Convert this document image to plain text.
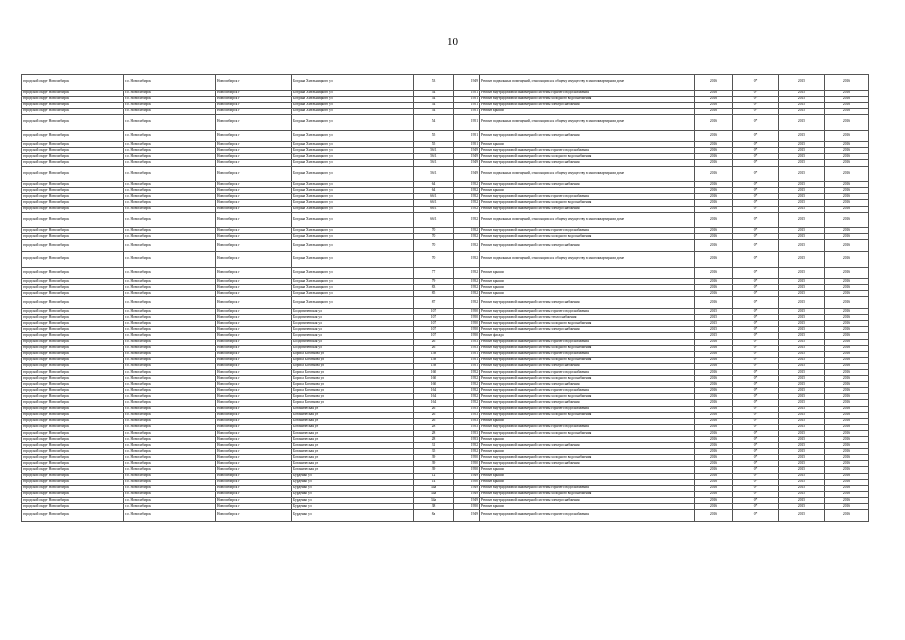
10
городской округ Новосибирск	г.о. Новосибирск	Новосибирск г	Богдана Хмельницкого ул	53	1949	Ремонт подвальных помещений, относящихся к общему имуществу в многоквартирном доме	2016	0*	2015	2016
городской округ Новосибирск	г.о. Новосибирск	Новосибирск г	Богдана Хмельницкого ул	54	1951	Ремонт внутридомовой инженерной системы горячего водоснабжения	2016	0*	2015	2016
городской округ Новосибирск	г.о. Новосибирск	Новосибирск г	Богдана Хмельницкого ул	54	1951	Ремонт внутридомовой инженерной системы холодного водоснабжения	2016	0*	2015	2016
городской округ Новосибирск	г.о. Новосибирск	Новосибирск г	Богдана Хмельницкого ул	54	1951	Ремонт внутридомовой инженерной системы электроснабжения	2016	0*	2015	2016
городской округ Новосибирск	г.о. Новосибирск	Новосибирск г	Богдана Хмельницкого ул	54	1951	Ремонт крыши	2016	0*	2015	2016
городской округ Новосибирск	г.о. Новосибирск	Новосибирск г	Богдана Хмельницкого ул	54	1951	Ремонт подвальных помещений, относящихся к общему имуществу в многоквартирном доме	2016	0*	2015	2016
городской округ Новосибирск	г.о. Новосибирск	Новосибирск г	Богдана Хмельницкого ул	55	1951	Ремонт внутридомовой инженерной системы электроснабжения	2016	0*	2015	2016
городской округ Новосибирск	г.о. Новосибирск	Новосибирск г	Богдана Хмельницкого ул	55	1951	Ремонт крыши	2016	0*	2015	2016
городской округ Новосибирск	г.о. Новосибирск	Новосибирск г	Богдана Хмельницкого ул	56/1	1949	Ремонт внутридомовой инженерной системы горячего водоснабжения	2016	0*	2015	2016
городской округ Новосибирск	г.о. Новосибирск	Новосибирск г	Богдана Хмельницкого ул	56/1	1949	Ремонт внутридомовой инженерной системы холодного водоснабжения	2016	0*	2015	2016
городской округ Новосибирск	г.о. Новосибирск	Новосибирск г	Богдана Хмельницкого ул	56/1	1949	Ремонт внутридомовой инженерной системы электроснабжения	2016	0*	2015	2016
городской округ Новосибирск	г.о. Новосибирск	Новосибирск г	Богдана Хмельницкого ул	56/1	1949	Ремонт подвальных помещений, относящихся к общему имуществу в многоквартирном доме	2016	0*	2015	2016
городской округ Новосибирск	г.о. Новосибирск	Новосибирск г	Богдана Хмельницкого ул	64	1952	Ремонт внутридомовой инженерной системы электроснабжения	2016	0*	2015	2016
городской округ Новосибирск	г.о. Новосибирск	Новосибирск г	Богдана Хмельницкого ул	64	1952	Ремонт крыши	2016	0*	2015	2016
городской округ Новосибирск	г.о. Новосибирск	Новосибирск г	Богдана Хмельницкого ул	66/1	1952	Ремонт внутридомовой инженерной системы горячего водоснабжения	2016	0*	2015	2016
городской округ Новосибирск	г.о. Новосибирск	Новосибирск г	Богдана Хмельницкого ул	66/1	1952	Ремонт внутридомовой инженерной системы холодного водоснабжения	2016	0*	2015	2016
городской округ Новосибирск	г.о. Новосибирск	Новосибирск г	Богдана Хмельницкого ул	66/1	1952	Ремонт внутридомовой инженерной системы электроснабжения	2016	0*	2015	2016
городской округ Новосибирск	г.о. Новосибирск	Новосибирск г	Богдана Хмельницкого ул	66/1	1952	Ремонт подвальных помещений, относящихся к общему имуществу в многоквартирном доме	2016	0*	2015	2016
городской округ Новосибирск	г.о. Новосибирск	Новосибирск г	Богдана Хмельницкого ул	70	1952	Ремонт внутридомовой инженерной системы горячего водоснабжения	2016	0*	2015	2016
городской округ Новосибирск	г.о. Новосибирск	Новосибирск г	Богдана Хмельницкого ул	70	1952	Ремонт внутридомовой инженерной системы холодного водоснабжения	2016	0*	2015	2016
городской округ Новосибирск	г.о. Новосибирск	Новосибирск г	Богдана Хмельницкого ул	70	1952	Ремонт внутридомовой инженерной системы электроснабжения	2016	0*	2015	2016
городской округ Новосибирск	г.о. Новосибирск	Новосибирск г	Богдана Хмельницкого ул	70	1952	Ремонт подвальных помещений, относящихся к общему имуществу в многоквартирном доме	2016	0*	2015	2016
городской округ Новосибирск	г.о. Новосибирск	Новосибирск г	Богдана Хмельницкого ул	77	1952	Ремонт крыши	2016	0*	2015	2016
городской округ Новосибирск	г.о. Новосибирск	Новосибирск г	Богдана Хмельницкого ул	79	1952	Ремонт крыши	2016	0*	2015	2016
городской округ Новосибирск	г.о. Новосибирск	Новосибирск г	Богдана Хмельницкого ул	83	1952	Ремонт крыши	2016	0*	2015	2016
городской округ Новосибирск	г.о. Новосибирск	Новосибирск г	Богдана Хмельницкого ул	85	1952	Ремонт крыши	2016	0*	2015	2016
городской округ Новосибирск	г.о. Новосибирск	Новосибирск г	Богдана Хмельницкого ул	87	1952	Ремонт внутридомовой инженерной системы электроснабжения	2016	0*	2015	2016
городской округ Новосибирск	г.о. Новосибирск	Новосибирск г	Болдовичевская ул	107	1950	Ремонт внутридомовой инженерной системы горячего водоснабжения	2015	0*	2015	2016
городской округ Новосибирск	г.о. Новосибирск	Новосибирск г	Болдовичевская ул	107	1950	Ремонт внутридомовой инженерной системы теплоснабжения	2015	0*	2015	2016
городской округ Новосибирск	г.о. Новосибирск	Новосибирск г	Болдовичевская ул	107	1950	Ремонт внутридомовой инженерной системы холодного водоснабжения	2015	0*	2015	2016
городской округ Новосибирск	г.о. Новосибирск	Новосибирск г	Болдовичевская ул	107	1950	Ремонт внутридомовой инженерной системы электроснабжения	2015	0*	2015	2016
городской округ Новосибирск	г.о. Новосибирск	Новосибирск г	Болдовичевская ул	107	1950	Ремонт фасада	2015	0*	2015	2016
городской округ Новосибирск	г.о. Новосибирск	Новосибирск г	Болдовичевская ул	26	1953	Ремонт внутридомовой инженерной системы горячего водоснабжения	2016	0*	2015	2016
городской округ Новосибирск	г.о. Новосибирск	Новосибирск г	Болдовичевская ул	26	1953	Ремонт внутридомовой инженерной системы холодного водоснабжения	2016	0*	2015	2016
городской округ Новосибирск	г.о. Новосибирск	Новосибирск г	Бориса Богаткова ул	158	1951	Ремонт внутридомовой инженерной системы горячего водоснабжения	2016	0*	2015	2016
городской округ Новосибирск	г.о. Новосибирск	Новосибирск г	Бориса Богаткова ул	158	1951	Ремонт внутридомовой инженерной системы холодного водоснабжения	2016	0*	2015	2016
городской округ Новосибирск	г.о. Новосибирск	Новосибирск г	Бориса Богаткова ул	158	1951	Ремонт внутридомовой инженерной системы электроснабжения	2016	0*	2015	2016
городской округ Новосибирск	г.о. Новосибирск	Новосибирск г	Бориса Богаткова ул	160	1952	Ремонт внутридомовой инженерной системы горячего водоснабжения	2016	0*	2015	2016
городской округ Новосибирск	г.о. Новосибирск	Новосибирск г	Бориса Богаткова ул	160	1952	Ремонт внутридомовой инженерной системы холодного водоснабжения	2016	0*	2015	2016
городской округ Новосибирск	г.о. Новосибирск	Новосибирск г	Бориса Богаткова ул	160	1952	Ремонт внутридомовой инженерной системы электроснабжения	2016	0*	2015	2016
городской округ Новосибирск	г.о. Новосибирск	Новосибирск г	Бориса Богаткова ул	164	1952	Ремонт внутридомовой инженерной системы горячего водоснабжения	2016	0*	2015	2016
городской округ Новосибирск	г.о. Новосибирск	Новосибирск г	Бориса Богаткова ул	164	1952	Ремонт внутридомовой инженерной системы холодного водоснабжения	2016	0*	2015	2016
городской округ Новосибирск	г.о. Новосибирск	Новосибирск г	Бориса Богаткова ул	164	1952	Ремонт внутридомовой инженерной системы электроснабжения	2016	0*	2015	2016
городской округ Новосибирск	г.о. Новосибирск	Новосибирск г	Ботаническая ул	26	1953	Ремонт внутридомовой инженерной системы горячего водоснабжения	2016	0*	2015	2016
городской округ Новосибирск	г.о. Новосибирск	Новосибирск г	Ботаническая ул	26	1953	Ремонт внутридомовой инженерной системы холодного водоснабжения	2016	0*	2015	2016
городской округ Новосибирск	г.о. Новосибирск	Новосибирск г	Ботаническая ул	26	1953	Ремонт крыши	2016	0*	2015	2016
городской округ Новосибирск	г.о. Новосибирск	Новосибирск г	Ботаническая ул	28	1953	Ремонт внутридомовой инженерной системы горячего водоснабжения	2016	0*	2015	2016
городской округ Новосибирск	г.о. Новосибирск	Новосибирск г	Ботаническая ул	28	1953	Ремонт внутридомовой инженерной системы холодного водоснабжения	2016	0*	2015	2016
городской округ Новосибирск	г.о. Новосибирск	Новосибирск г	Ботаническая ул	28	1953	Ремонт крыши	2016	0*	2015	2016
городской округ Новосибирск	г.о. Новосибирск	Новосибирск г	Ботаническая ул	31	1952	Ремонт внутридомовой инженерной системы электроснабжения	2016	0*	2015	2016
городской округ Новосибирск	г.о. Новосибирск	Новосибирск г	Ботаническая ул	35	1952	Ремонт крыши	2016	0*	2015	2016
городской округ Новосибирск	г.о. Новосибирск	Новосибирск г	Ботаническая ул	39	1950	Ремонт внутридомовой инженерной системы холодного водоснабжения	2016	0*	2015	2016
городской округ Новосибирск	г.о. Новосибирск	Новосибирск г	Ботаническая ул	39	1950	Ремонт внутридомовой инженерной системы электроснабжения	2016	0*	2015	2016
городской округ Новосибирск	г.о. Новосибирск	Новосибирск г	Ботаническая ул	39	1950	Ремонт крыши	2016	0*	2015	2016
городской округ Новосибирск	г.о. Новосибирск	Новосибирск г	Бурденко ул	12	1949	Ремонт крыши	2016	0*	2015	2016
городской округ Новосибирск	г.о. Новосибирск	Новосибирск г	Бурденко ул	14	1950	Ремонт крыши	2016	0*	2015	2016
городской округ Новосибирск	г.о. Новосибирск	Новосибирск г	Бурденко ул	34а	1949	Ремонт внутридомовой инженерной системы горячего водоснабжения	2016	0*	2015	2016
городской округ Новосибирск	г.о. Новосибирск	Новосибирск г	Бурденко ул	34а	1949	Ремонт внутридомовой инженерной системы холодного водоснабжения	2016	0*	2015	2016
городской округ Новосибирск	г.о. Новосибирск	Новосибирск г	Бурденко ул	34а	1949	Ремонт внутридомовой инженерной системы электроснабжения	2016	0*	2015	2016
городской округ Новосибирск	г.о. Новосибирск	Новосибирск г	Бурденко ул	38	1950	Ремонт крыши	2016	0*	2015	2016
городской округ Новосибирск	г.о. Новосибирск	Новосибирск г	Бурденко ул	8а	1949	Ремонт внутридомовой инженерной системы горячего водоснабжения	2016	0*	2015	2016
